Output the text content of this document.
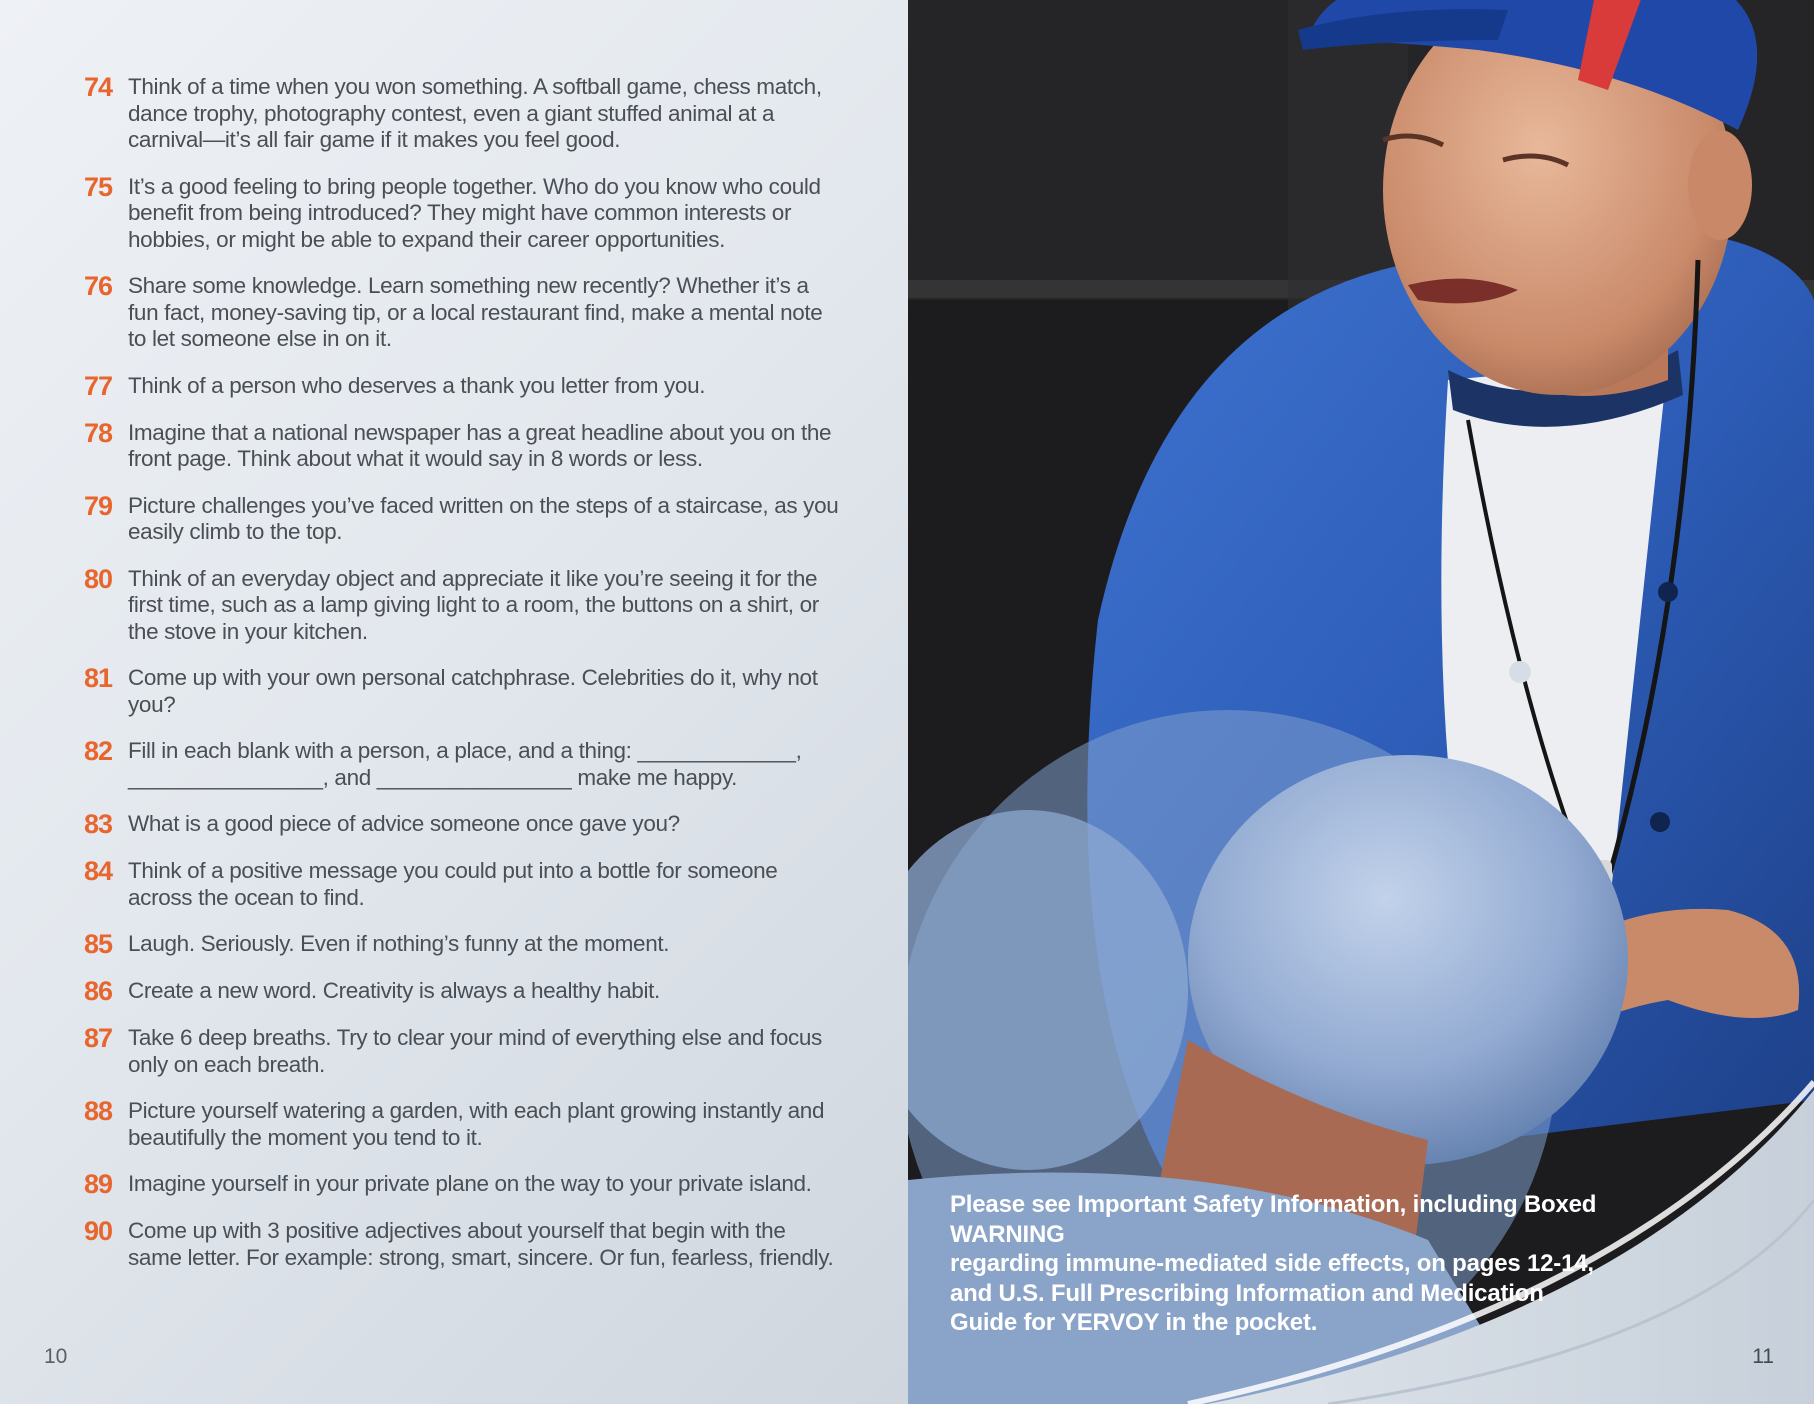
74 Think of a time when you won something. A softball game, chess match, dance trophy, photography contest, even a giant stuffed animal at a carnival—it’s all fair game if it makes you feel good.
75 It’s a good feeling to bring people together. Who do you know who could benefit from being introduced? They might have common interests or hobbies, or might be able to expand their career opportunities.
76 Share some knowledge. Learn something new recently? Whether it’s a fun fact, money-saving tip, or a local restaurant find, make a mental note to let someone else in on it.
77 Think of a person who deserves a thank you letter from you.
78 Imagine that a national newspaper has a great headline about you on the front page. Think about what it would say in 8 words or less.
79 Picture challenges you’ve faced written on the steps of a staircase, as you easily climb to the top.
80 Think of an everyday object and appreciate it like you’re seeing it for the first time, such as a lamp giving light to a room, the buttons on a shirt, or the stove in your kitchen.
81 Come up with your own personal catchphrase. Celebrities do it, why not you?
82 Fill in each blank with a person, a place, and a thing: _____________, ________________, and ________________ make me happy.
83 What is a good piece of advice someone once gave you?
84 Think of a positive message you could put into a bottle for someone across the ocean to find.
85 Laugh. Seriously. Even if nothing’s funny at the moment.
86 Create a new word. Creativity is always a healthy habit.
87 Take 6 deep breaths. Try to clear your mind of everything else and focus only on each breath.
88 Picture yourself watering a garden, with each plant growing instantly and beautifully the moment you tend to it.
89 Imagine yourself in your private plane on the way to your private island.
90 Come up with 3 positive adjectives about yourself that begin with the same letter. For example: strong, smart, sincere. Or fun, fearless, friendly.
10
Please see Important Safety Information, including Boxed WARNING
regarding immune-mediated side effects, on pages 12-14,
and U.S. Full Prescribing Information and Medication
Guide for YERVOY in the pocket.
11
